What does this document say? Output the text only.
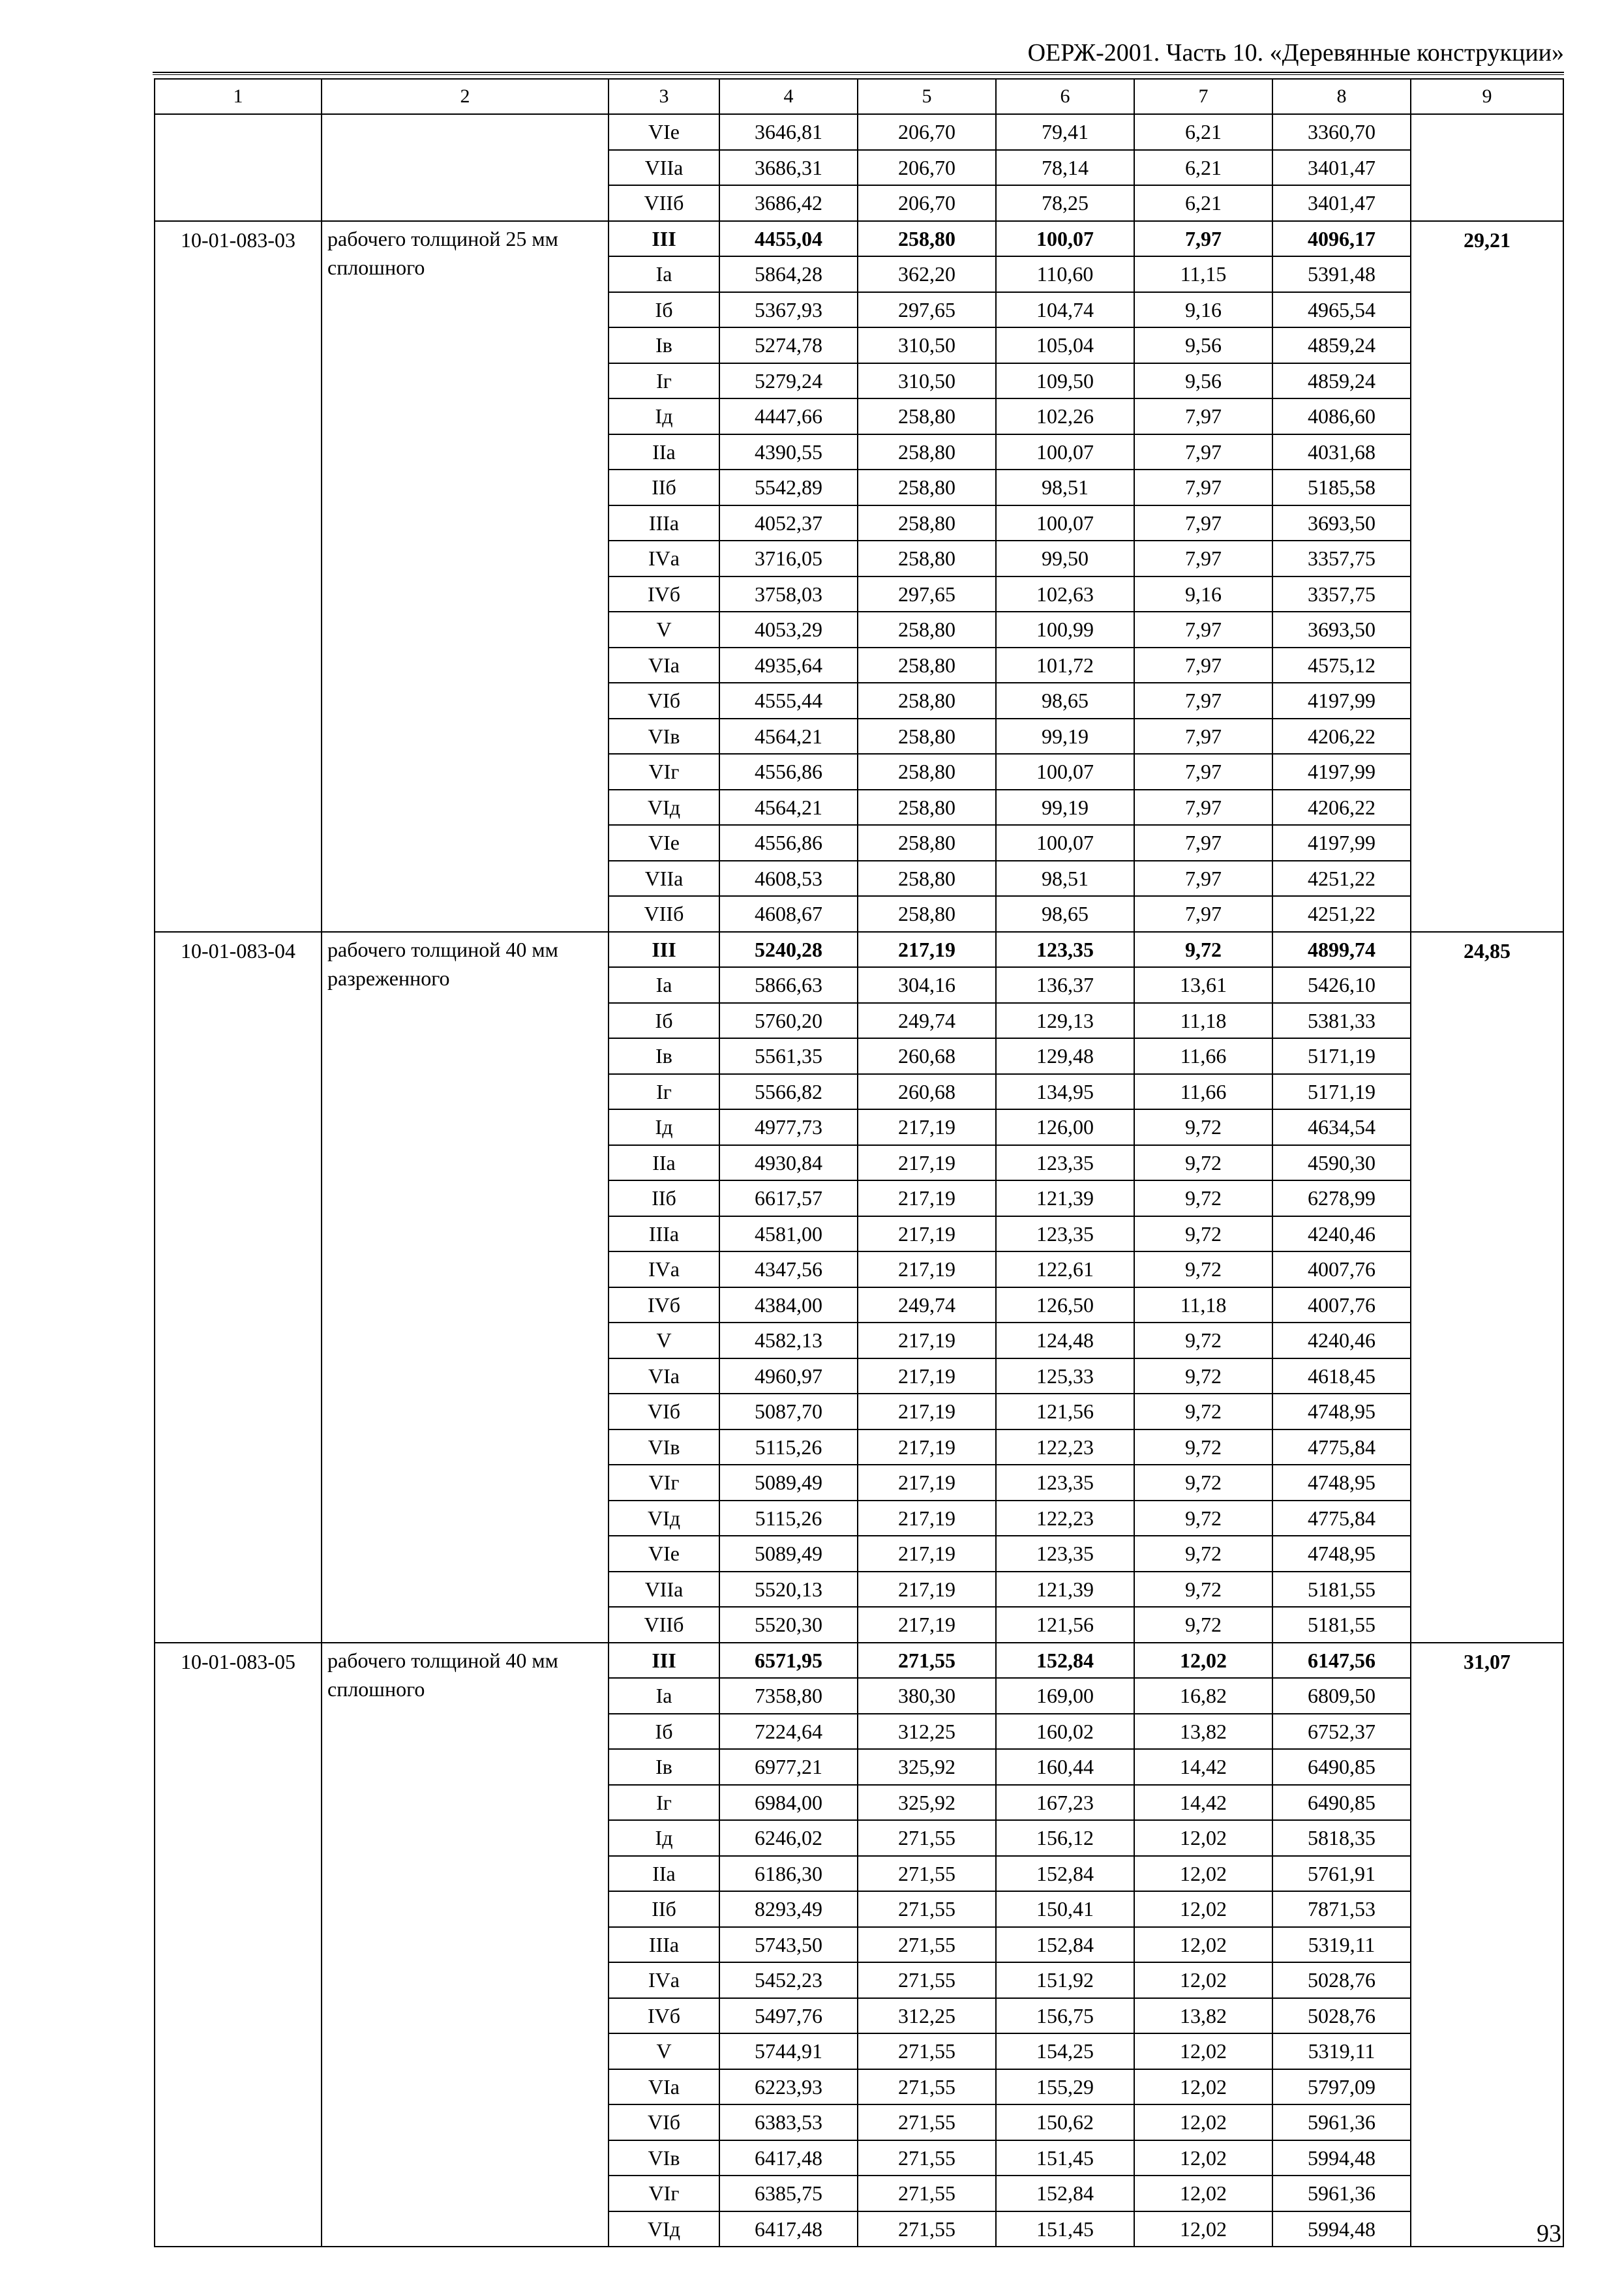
ОЕРЖ-2001. Часть 10. «Деревянные конструкции»
1	2	3	4	5	6	7	8	9
		VIе	3646,81	206,70	79,41	6,21	3360,70	
		VIIа	3686,31	206,70	78,14	6,21	3401,47	
		VIIб	3686,42	206,70	78,25	6,21	3401,47	
10-01-083-03	рабочего толщиной 25 мм сплошного	III	4455,04	258,80	100,07	7,97	4096,17	29,21
		Iа	5864,28	362,20	110,60	11,15	5391,48	
		Iб	5367,93	297,65	104,74	9,16	4965,54	
		Iв	5274,78	310,50	105,04	9,56	4859,24	
		Iг	5279,24	310,50	109,50	9,56	4859,24	
		Iд	4447,66	258,80	102,26	7,97	4086,60	
		IIа	4390,55	258,80	100,07	7,97	4031,68	
		IIб	5542,89	258,80	98,51	7,97	5185,58	
		IIIа	4052,37	258,80	100,07	7,97	3693,50	
		IVа	3716,05	258,80	99,50	7,97	3357,75	
		IVб	3758,03	297,65	102,63	9,16	3357,75	
		V	4053,29	258,80	100,99	7,97	3693,50	
		VIа	4935,64	258,80	101,72	7,97	4575,12	
		VIб	4555,44	258,80	98,65	7,97	4197,99	
		VIв	4564,21	258,80	99,19	7,97	4206,22	
		VIг	4556,86	258,80	100,07	7,97	4197,99	
		VIд	4564,21	258,80	99,19	7,97	4206,22	
		VIе	4556,86	258,80	100,07	7,97	4197,99	
		VIIа	4608,53	258,80	98,51	7,97	4251,22	
		VIIб	4608,67	258,80	98,65	7,97	4251,22	
10-01-083-04	рабочего толщиной 40 мм разреженного	III	5240,28	217,19	123,35	9,72	4899,74	24,85
		Iа	5866,63	304,16	136,37	13,61	5426,10	
		Iб	5760,20	249,74	129,13	11,18	5381,33	
		Iв	5561,35	260,68	129,48	11,66	5171,19	
		Iг	5566,82	260,68	134,95	11,66	5171,19	
		Iд	4977,73	217,19	126,00	9,72	4634,54	
		IIа	4930,84	217,19	123,35	9,72	4590,30	
		IIб	6617,57	217,19	121,39	9,72	6278,99	
		IIIа	4581,00	217,19	123,35	9,72	4240,46	
		IVа	4347,56	217,19	122,61	9,72	4007,76	
		IVб	4384,00	249,74	126,50	11,18	4007,76	
		V	4582,13	217,19	124,48	9,72	4240,46	
		VIа	4960,97	217,19	125,33	9,72	4618,45	
		VIб	5087,70	217,19	121,56	9,72	4748,95	
		VIв	5115,26	217,19	122,23	9,72	4775,84	
		VIг	5089,49	217,19	123,35	9,72	4748,95	
		VIд	5115,26	217,19	122,23	9,72	4775,84	
		VIе	5089,49	217,19	123,35	9,72	4748,95	
		VIIа	5520,13	217,19	121,39	9,72	5181,55	
		VIIб	5520,30	217,19	121,56	9,72	5181,55	
10-01-083-05	рабочего толщиной 40 мм сплошного	III	6571,95	271,55	152,84	12,02	6147,56	31,07
		Iа	7358,80	380,30	169,00	16,82	6809,50	
		Iб	7224,64	312,25	160,02	13,82	6752,37	
		Iв	6977,21	325,92	160,44	14,42	6490,85	
		Iг	6984,00	325,92	167,23	14,42	6490,85	
		Iд	6246,02	271,55	156,12	12,02	5818,35	
		IIа	6186,30	271,55	152,84	12,02	5761,91	
		IIб	8293,49	271,55	150,41	12,02	7871,53	
		IIIа	5743,50	271,55	152,84	12,02	5319,11	
		IVа	5452,23	271,55	151,92	12,02	5028,76	
		IVб	5497,76	312,25	156,75	13,82	5028,76	
		V	5744,91	271,55	154,25	12,02	5319,11	
		VIа	6223,93	271,55	155,29	12,02	5797,09	
		VIб	6383,53	271,55	150,62	12,02	5961,36	
		VIв	6417,48	271,55	151,45	12,02	5994,48	
		VIг	6385,75	271,55	152,84	12,02	5961,36	
		VIд	6417,48	271,55	151,45	12,02	5994,48		93
